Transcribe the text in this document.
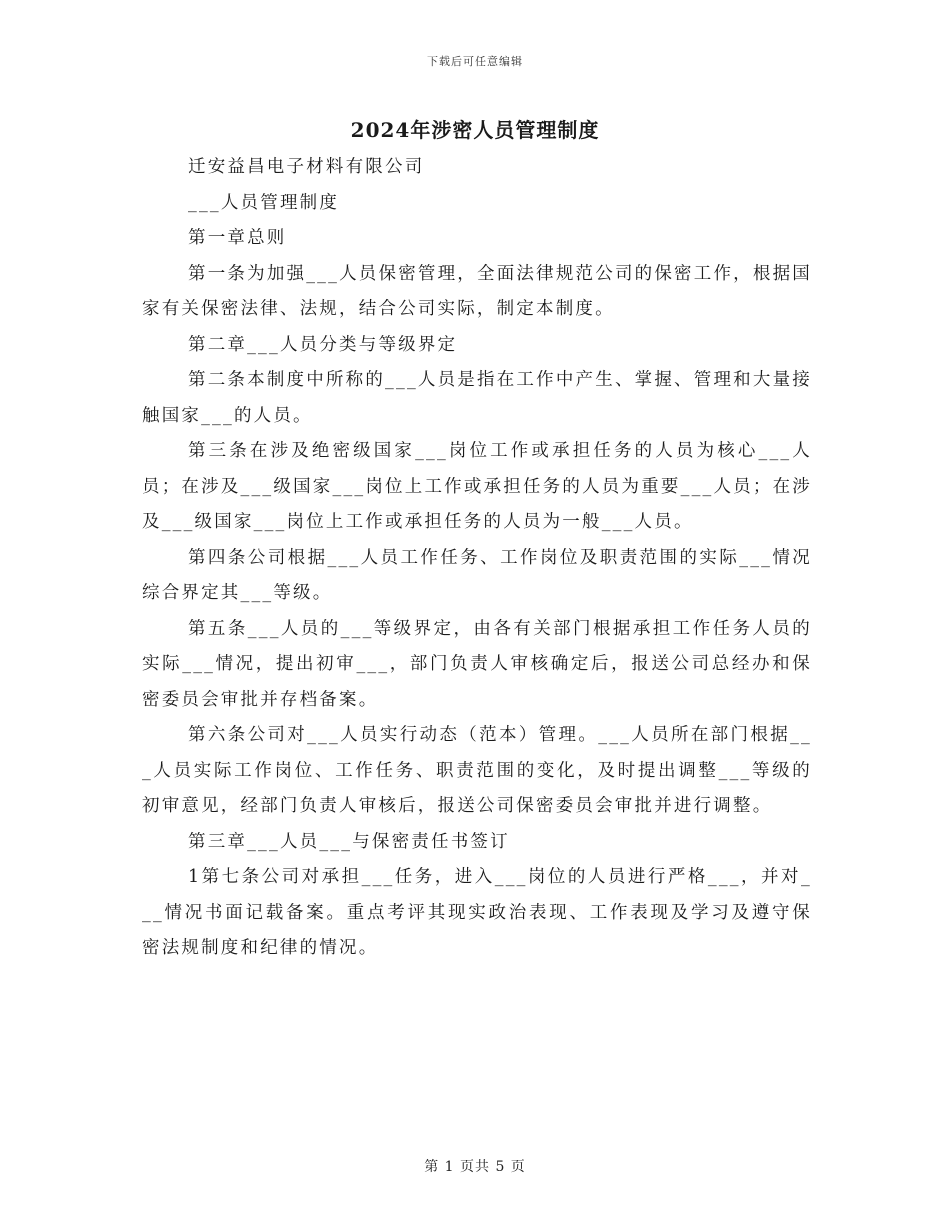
下载后可任意编辑
2024年涉密人员管理制度

迁安益昌电子材料有限公司

___人员管理制度

第一章总则

第一条为加强___人员保密管理，全面法律规范公司的保密工作，根据国家有关保密法律、法规，结合公司实际，制定本制度。

第二章___人员分类与等级界定

第二条本制度中所称的___人员是指在工作中产生、掌握、管理和大量接触国家___的人员。

第三条在涉及绝密级国家___岗位工作或承担任务的人员为核心___人员；在涉及___级国家___岗位上工作或承担任务的人员为重要___人员；在涉及___级国家___岗位上工作或承担任务的人员为一般___人员。

第四条公司根据___人员工作任务、工作岗位及职责范围的实际___情况综合界定其___等级。

第五条___人员的___等级界定，由各有关部门根据承担工作任务人员的实际___情况，提出初审___，部门负责人审核确定后，报送公司总经办和保密委员会审批并存档备案。

第六条公司对___人员实行动态（范本）管理。___人员所在部门根据___人员实际工作岗位、工作任务、职责范围的变化，及时提出调整___等级的初审意见，经部门负责人审核后，报送公司保密委员会审批并进行调整。

第三章___人员___与保密责任书签订

1第七条公司对承担___任务，进入___岗位的人员进行严格___，并对___情况书面记载备案。重点考评其现实政治表现、工作表现及学习及遵守保密法规制度和纪律的情况。

第 1 页共 5 页
